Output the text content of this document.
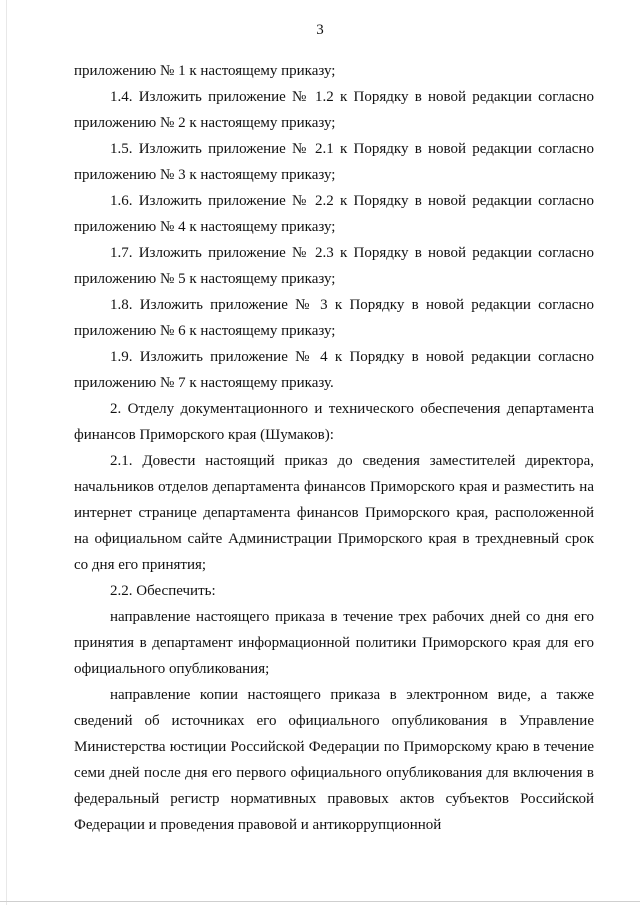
3

приложению № 1 к настоящему приказу;

1.4. Изложить приложение № 1.2 к Порядку в новой редакции согласно приложению № 2 к настоящему приказу;

1.5. Изложить приложение № 2.1 к Порядку в новой редакции согласно приложению № 3 к настоящему приказу;

1.6. Изложить приложение № 2.2 к Порядку в новой редакции согласно приложению № 4 к настоящему приказу;

1.7. Изложить приложение № 2.3 к Порядку в новой редакции согласно приложению № 5 к настоящему приказу;

1.8. Изложить приложение № 3 к Порядку в новой редакции согласно приложению № 6 к настоящему приказу;

1.9. Изложить приложение № 4 к Порядку в новой редакции согласно приложению № 7 к настоящему приказу.

2. Отделу документационного и технического обеспечения департамента финансов Приморского края (Шумаков):

2.1. Довести настоящий приказ до сведения заместителей директора, начальников отделов департамента финансов Приморского края и разместить на интернет странице департамента финансов Приморского края, расположенной на официальном сайте Администрации Приморского края в трехдневный срок со дня его принятия;

2.2. Обеспечить:

направление настоящего приказа в течение трех рабочих дней со дня его принятия в департамент информационной политики Приморского края для его официального опубликования;

направление копии настоящего приказа в электронном виде, а также сведений об источниках его официального опубликования в Управление Министерства юстиции Российской Федерации по Приморскому краю в течение семи дней после дня его первого официального опубликования для включения в федеральный регистр нормативных правовых актов субъектов Российской Федерации и проведения правовой и антикоррупционной
